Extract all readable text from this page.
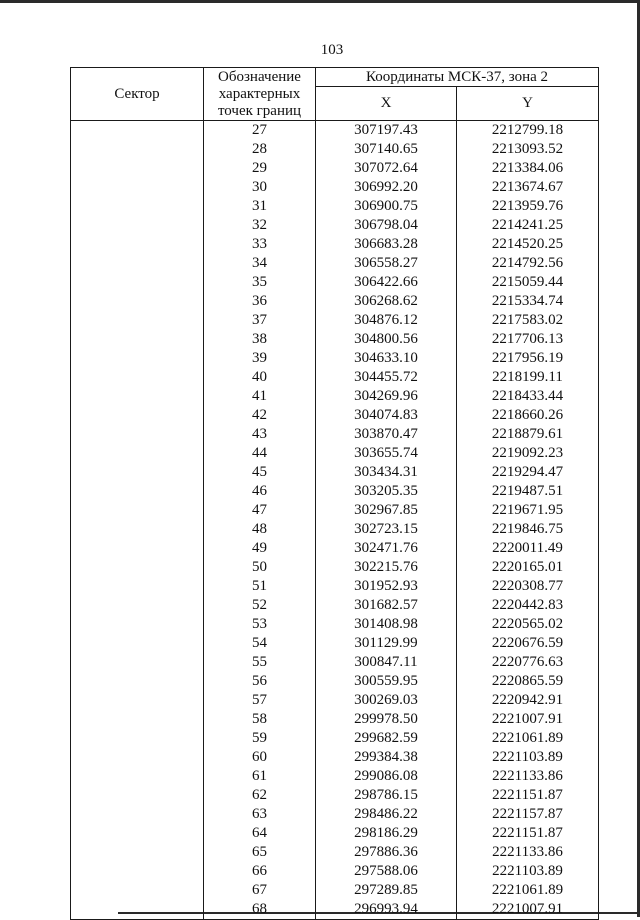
103
Сектор	Обозначение
характерных
точек границ	Координаты МСК-37, зона 2	
		X	Y
	27	307197.43	2212799.18
	28	307140.65	2213093.52
	29	307072.64	2213384.06
	30	306992.20	2213674.67
	31	306900.75	2213959.76
	32	306798.04	2214241.25
	33	306683.28	2214520.25
	34	306558.27	2214792.56
	35	306422.66	2215059.44
	36	306268.62	2215334.74
	37	304876.12	2217583.02
	38	304800.56	2217706.13
	39	304633.10	2217956.19
	40	304455.72	2218199.11
	41	304269.96	2218433.44
	42	304074.83	2218660.26
	43	303870.47	2218879.61
	44	303655.74	2219092.23
	45	303434.31	2219294.47
	46	303205.35	2219487.51
	47	302967.85	2219671.95
	48	302723.15	2219846.75
	49	302471.76	2220011.49
	50	302215.76	2220165.01
	51	301952.93	2220308.77
	52	301682.57	2220442.83
	53	301408.98	2220565.02
	54	301129.99	2220676.59
	55	300847.11	2220776.63
	56	300559.95	2220865.59
	57	300269.03	2220942.91
	58	299978.50	2221007.91
	59	299682.59	2221061.89
	60	299384.38	2221103.89
	61	299086.08	2221133.86
	62	298786.15	2221151.87
	63	298486.22	2221157.87
	64	298186.29	2221151.87
	65	297886.36	2221133.86
	66	297588.06	2221103.89
	67	297289.85	2221061.89
	68	296993.94	2221007.91
